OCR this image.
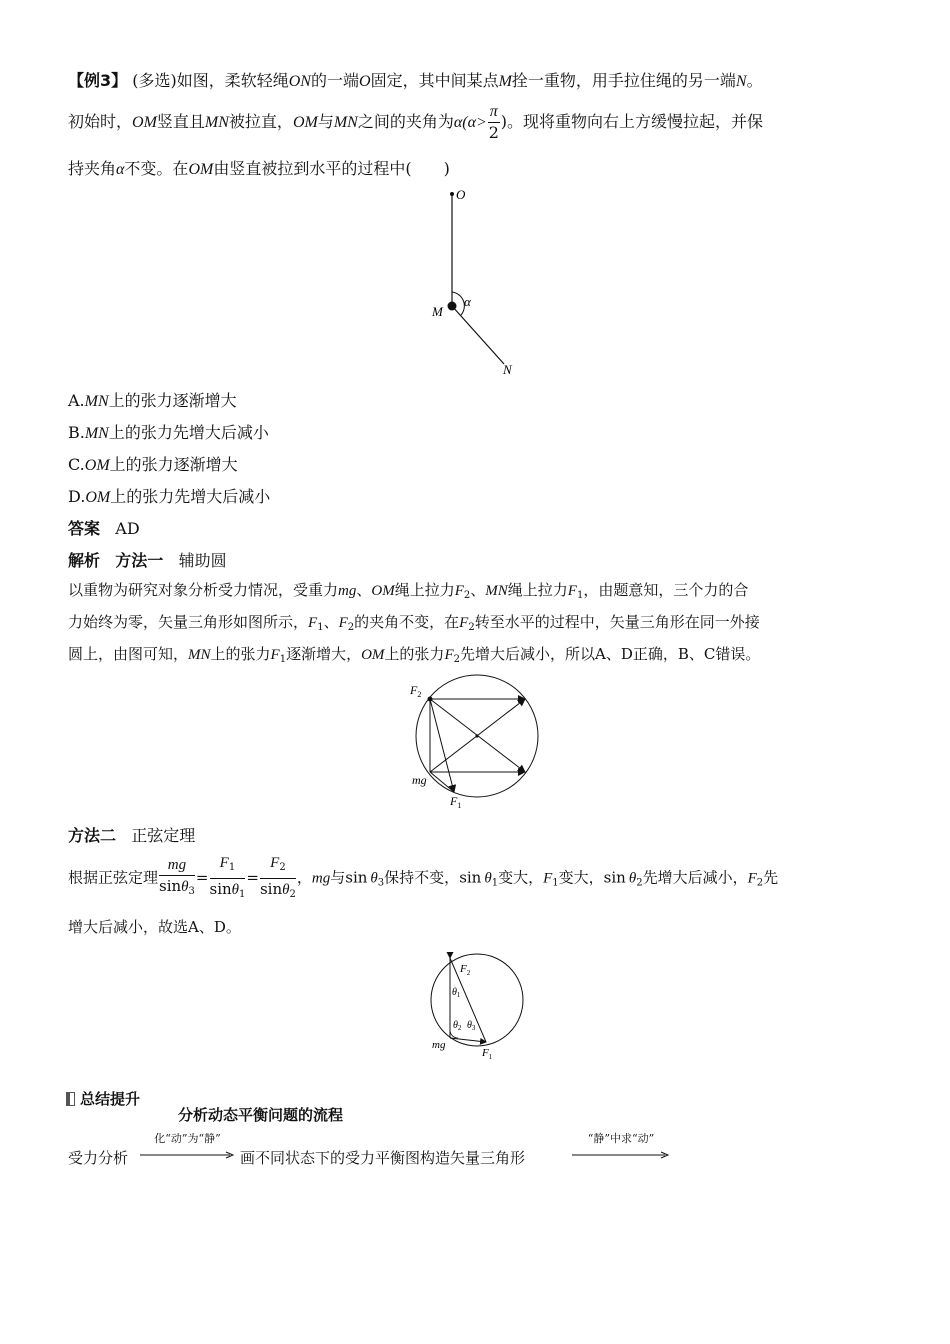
【例3】 (多选)如图，柔软轻绳ON的一端O固定，其中间某点M拴一重物，用手拉住绳的另一端N。
初始时，OM竖直且MN被拉直，OM与MN之间的夹角为$\alpha(\alpha> \frac{\pi}{2}$ )。现将重物向右上方缓慢拉起，并保
持夹角α不变。在OM由竖直被拉到水平的过程中(　　)
O
α
M
N
A.MN上的张力逐渐增大
B.MN上的张力先增大后减小
C.OM上的张力逐渐增大
D.OM上的张力先增大后减小
答案 AD
解析 方法一 辅助圆
以重物为研究对象分析受力情况，受重力mg、OM绳上拉力$F_2$、MN绳上拉力$F_1$，由题意知，三个力的合
力始终为零，矢量三角形如图所示，$F_1$、$F_2$的夹角不变，在$F_2$转至水平的过程中，矢量三角形在同一外接
圆上，由图可知，MN上的张力$F_1$逐渐增大，OM上的张力$F_2$先增大后减小，所以A、D正确，B、C错误。
$F_2$
mg
$F_1$
方法二 正弦定理
根据正弦定理 $\frac{mg}{\sin\theta_3} = \frac{F_1}{\sin\theta_1} = \frac{F_2}{\sin\theta_2}$ ，mg与$\sin \theta_3$保持不变，$\sin \theta_1$变大，$F_1$变大，$\sin \theta_2$先增大后减小，$F_2$先
增大后减小，故选A、D。
$F_2$
$\theta_1$
$\theta_2$ $\theta_3$
mg
$F_1$
总结提升
分析动态平衡问题的流程
受力分析
化“动”为“静”
画不同状态下的受力平衡图构造矢量三角形
“静”中求“动”
